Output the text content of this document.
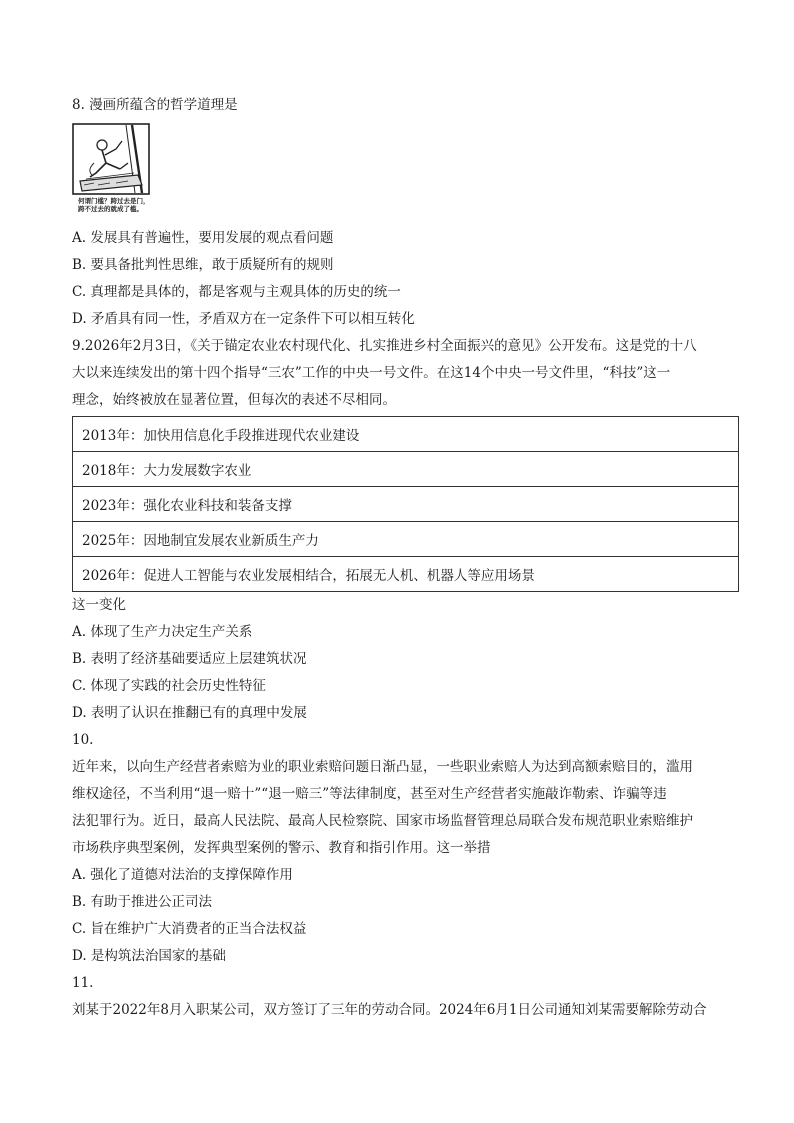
8. 漫画所蕴含的哲学道理是
何谓门槛？跨过去是门，
跨不过去的就成了槛。
A. 发展具有普遍性，要用发展的观点看问题
B. 要具备批判性思维，敢于质疑所有的规则
C. 真理都是具体的，都是客观与主观具体的历史的统一
D. 矛盾具有同一性，矛盾双方在一定条件下可以相互转化
9.2026年2月3日，《关于锚定农业农村现代化、扎实推进乡村全面振兴的意见》公开发布。这是党的十八
大以来连续发出的第十四个指导“三农”工作的中央一号文件。在这14个中央一号文件里，“科技”这一
理念，始终被放在显著位置，但每次的表述不尽相同。
2013年：加快用信息化手段推进现代农业建设
2018年：大力发展数字农业
2023年：强化农业科技和装备支撑
2025年：因地制宜发展农业新质生产力
2026年：促进人工智能与农业发展相结合，拓展无人机、机器人等应用场景
这一变化
A. 体现了生产力决定生产关系
B. 表明了经济基础要适应上层建筑状况
C. 体现了实践的社会历史性特征
D. 表明了认识在推翻已有的真理中发展
10.
近年来，以向生产经营者索赔为业的职业索赔问题日渐凸显，一些职业索赔人为达到高额索赔目的，滥用
维权途径，不当利用“退一赔十”“退一赔三”等法律制度，甚至对生产经营者实施敲诈勒索、诈骗等违
法犯罪行为。近日，最高人民法院、最高人民检察院、国家市场监督管理总局联合发布规范职业索赔维护
市场秩序典型案例，发挥典型案例的警示、教育和指引作用。这一举措
A. 强化了道德对法治的支撑保障作用
B. 有助于推进公正司法
C. 旨在维护广大消费者的正当合法权益
D. 是构筑法治国家的基础
11.
刘某于2022年8月入职某公司，双方签订了三年的劳动合同。2024年6月1日公司通知刘某需要解除劳动合
